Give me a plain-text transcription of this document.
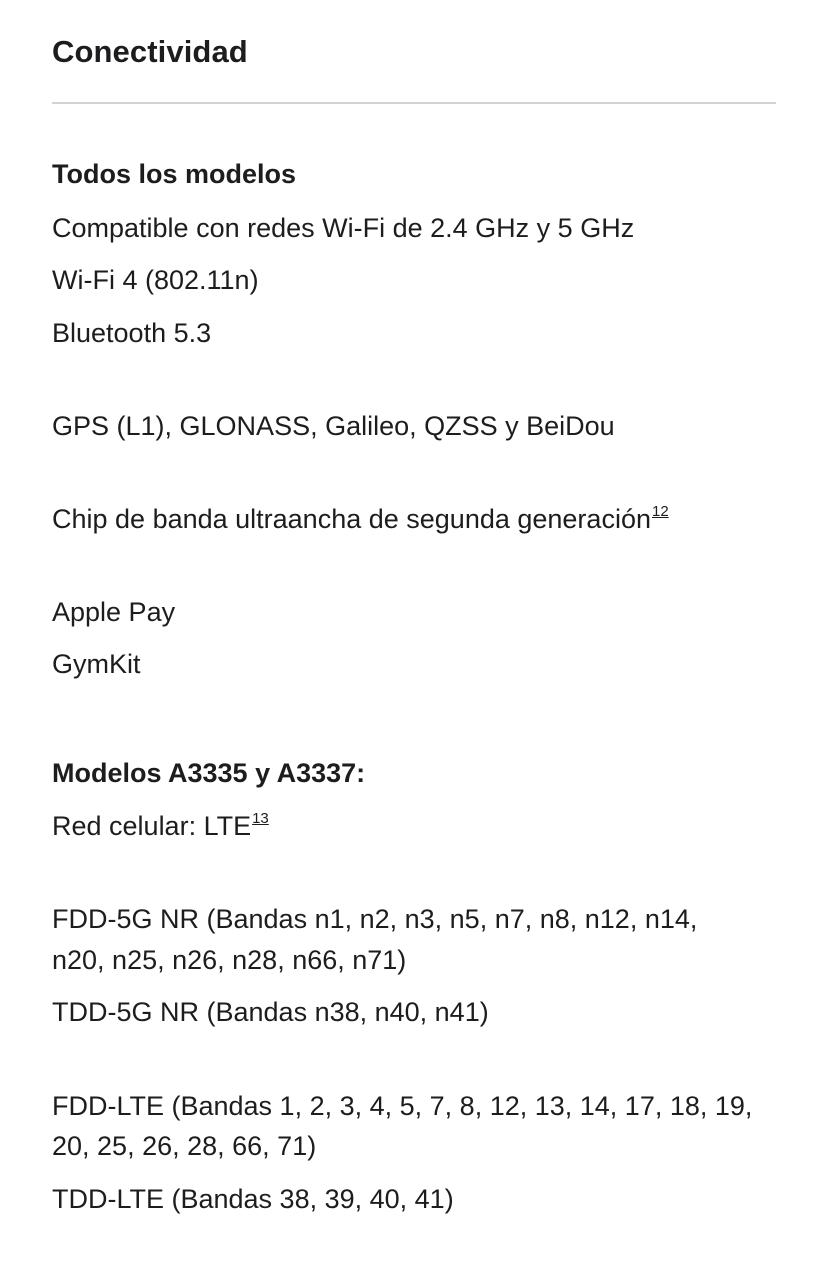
Conectividad
Todos los modelos
Compatible con redes Wi-Fi de 2.4 GHz y 5 GHz
Wi-Fi 4 (802.11n)
Bluetooth 5.3
GPS (L1), GLONASS, Galileo, QZSS y BeiDou
Chip de banda ultraancha de segunda generación$^{12}$
Apple Pay
GymKit
Modelos A3335 y A3337:
Red celular: LTE$^{13}$
FDD-5G NR (Bandas n1, n2, n3, n5, n7, n8, n12, n14,
n20, n25, n26, n28, n66, n71)
TDD-5G NR (Bandas n38, n40, n41)
FDD-LTE (Bandas 1, 2, 3, 4, 5, 7, 8, 12, 13, 14, 17, 18, 19,
20, 25, 26, 28, 66, 71)
TDD-LTE (Bandas 38, 39, 40, 41)
